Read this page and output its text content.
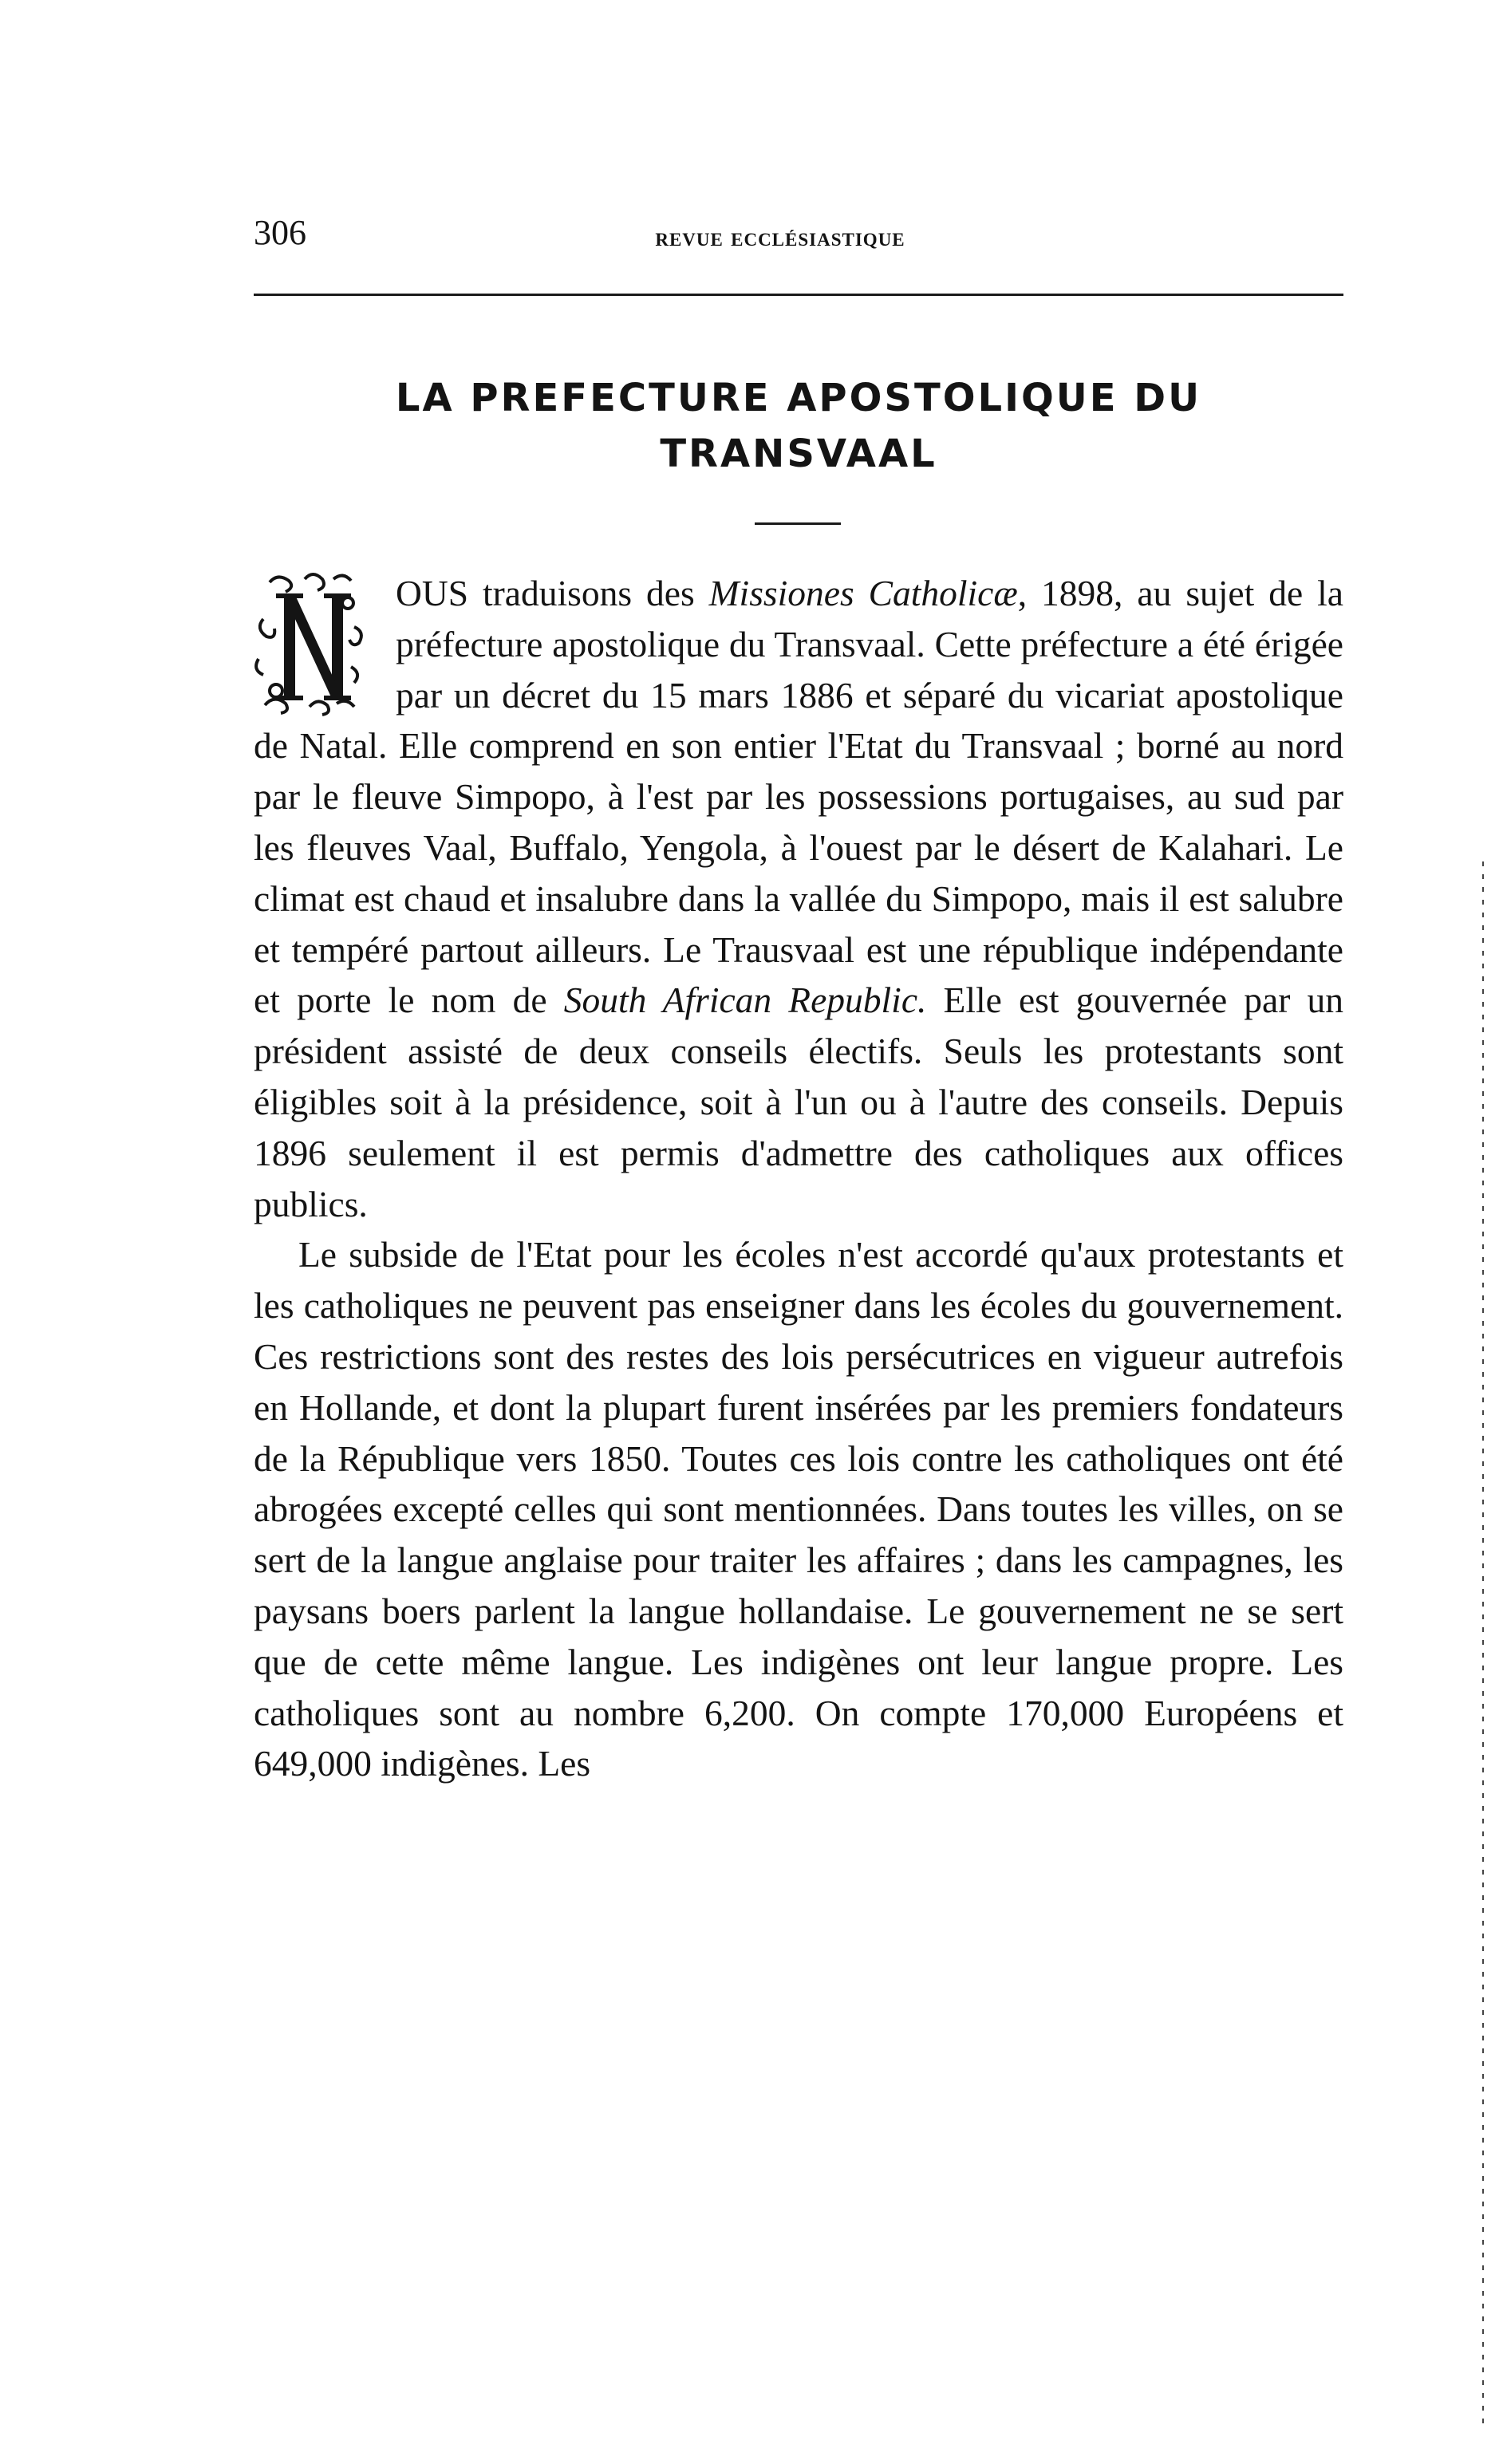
306	revue ecclésiastique
LA PREFECTURE APOSTOLIQUE DU
TRANSVAAL

N
OUS traduisons des Missiones Catholicæ, 1898, au sujet de la préfecture apostolique du Transvaal. Cette préfecture a été érigée par un décret du 15 mars 1886 et séparé du vicariat apostolique de Natal. Elle comprend en son entier l'Etat du Transvaal ; borné au nord par le fleuve Simpopo, à l'est par les possessions portugaises, au sud par les fleuves Vaal, Buffalo, Yengola, à l'ouest par le désert de Kalahari. Le climat est chaud et insalubre dans la vallée du Simpopo, mais il est salubre et tempéré partout ailleurs. Le Trausvaal est une république indépendante et porte le nom de South African Republic. Elle est gouvernée par un président assisté de deux conseils électifs. Seuls les protestants sont éligibles soit à la présidence, soit à l'un ou à l'autre des conseils. Depuis 1896 seulement il est permis d'admettre des catholiques aux offices publics.

Le subside de l'Etat pour les écoles n'est accordé qu'aux protestants et les catholiques ne peuvent pas enseigner dans les écoles du gouvernement. Ces restrictions sont des restes des lois persécutrices en vigueur autrefois en Hollande, et dont la plupart furent insérées par les premiers fondateurs de la République vers 1850. Toutes ces lois contre les catholiques ont été abrogées excepté celles qui sont mentionnées. Dans toutes les villes, on se sert de la langue anglaise pour traiter les affaires ; dans les campagnes, les paysans boers parlent la langue hollandaise. Le gouvernement ne se sert que de cette même langue. Les indigènes ont leur langue propre. Les catholiques sont au nombre 6,200. On compte 170,000 Européens et 649,000 indigènes. Les
